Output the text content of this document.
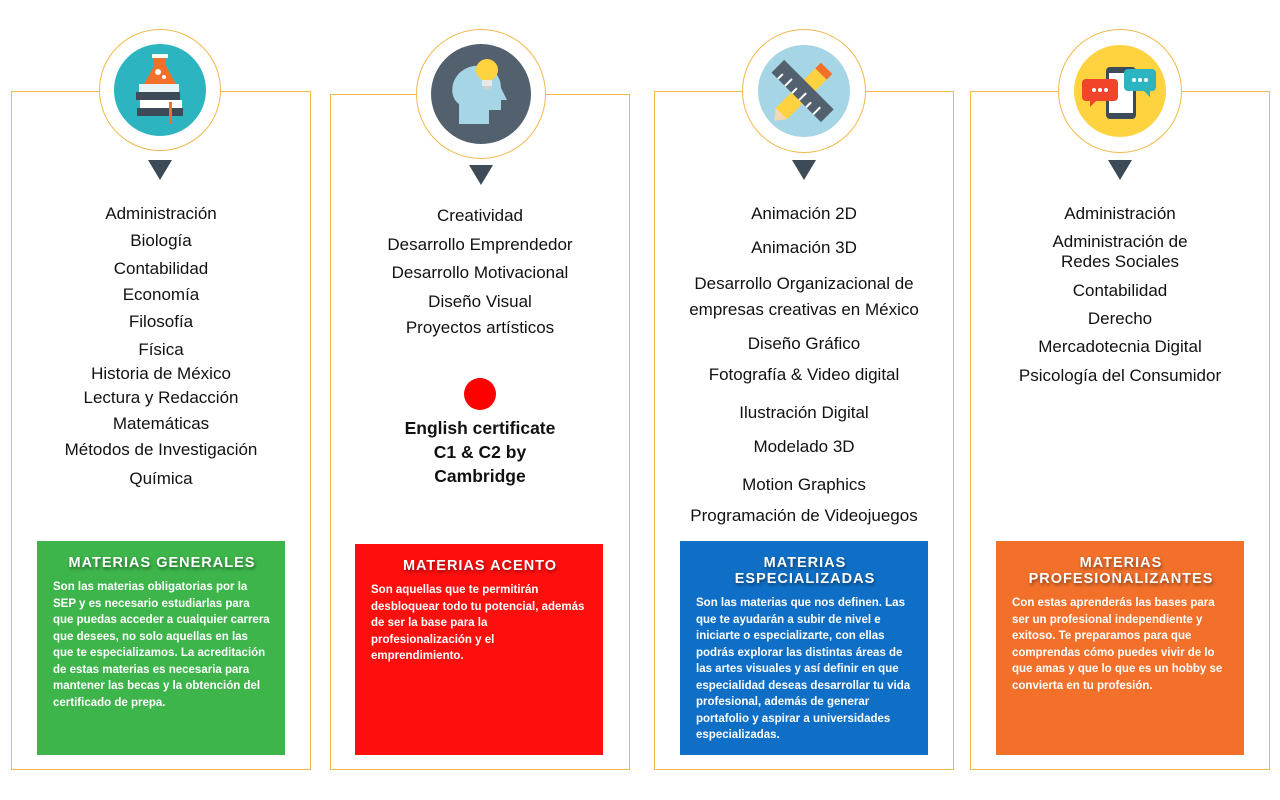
Administración
Biología
Contabilidad
Economía
Filosofía
Física
Historia de México
Lectura y Redacción
Matemáticas
Métodos de Investigación
Química
MATERIAS GENERALES

Son las materias obligatorias por la SEP y es necesario estudiarlas para que puedas acceder a cualquier carrera que desees, no solo aquellas en las que te especializamos. La acreditación de estas materias es necesaria para mantener las becas y la obtención del certificado de prepa.

Creatividad
Desarrollo Emprendedor
Desarrollo Motivacional
Diseño Visual
Proyectos artísticos
English certificate C1 & C2 by Cambridge
MATERIAS ACENTO

Son aquellas que te permitirán desbloquear todo tu potencial, además de ser la base para la profesionalización y el emprendimiento.

Animación 2D
Animación 3D
Desarrollo Organizacional de
empresas creativas en México
Diseño Gráfico
Fotografía & Video digital
Ilustración Digital
Modelado 3D
Motion Graphics
Programación de Videojuegos
MATERIAS ESPECIALIZADAS

Son las materias que nos definen. Las que te ayudarán a subir de nivel e iniciarte o especializarte, con ellas podrás explorar las distintas áreas de las artes visuales y así definir en que especialidad deseas desarrollar tu vida profesional, además de generar portafolio y aspirar a universidades especializadas.

Administración
Administración de
Redes Sociales
Contabilidad
Derecho
Mercadotecnia Digital
Psicología del Consumidor
MATERIAS PROFESIONALIZANTES

Con estas aprenderás las bases para ser un profesional independiente y exitoso. Te preparamos para que comprendas cómo puedes vivir de lo que amas y que lo que es un hobby se convierta en tu profesión.
